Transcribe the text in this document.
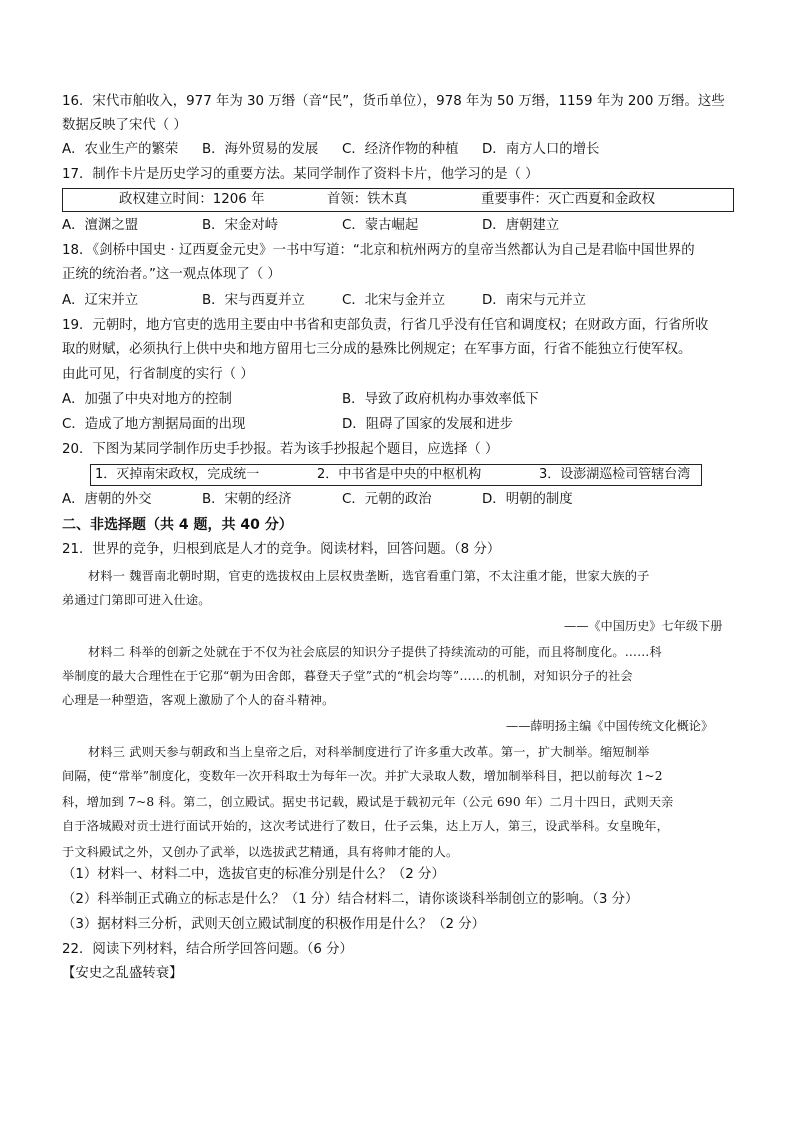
16．宋代市舶收入，977 年为 30 万缗（音“民”，货币单位），978 年为 50 万缗，1159 年为 200 万缗。这些
数据反映了宋代（ ）
A．农业生产的繁荣 B．海外贸易的发展 C．经济作物的种植 D．南方人口的增长
17．制作卡片是历史学习的重要方法。某同学制作了资料卡片，他学习的是（ ）
政权建立时间：1206 年	首领：铁木真	重要事件：灭亡西夏和金政权
A．澶渊之盟	B．宋金对峙	C．蒙古崛起	D．唐朝建立
18．《剑桥中国史 · 辽西夏金元史》一书中写道：“北京和杭州两方的皇帝当然都认为自己是君临中国世界的
正统的统治者。”这一观点体现了（ ）
A．辽宋并立	B．宋与西夏并立	C．北宋与金并立	D．南宋与元并立
19．元朝时，地方官吏的选用主要由中书省和吏部负责，行省几乎没有任官和调度权；在财政方面，行省所收
取的财赋，必须执行上供中央和地方留用七三分成的悬殊比例规定；在军事方面，行省不能独立行使军权。
由此可见，行省制度的实行（ ）
A．加强了中央对地方的控制	B．导致了政府机构办事效率低下
C．造成了地方割据局面的出现	D．阻碍了国家的发展和进步
20．下图为某同学制作历史手抄报。若为该手抄报起个题目，应选择（ ）
1．灭掉南宋政权，完成统一	2．中书省是中央的中枢机构	3．设澎湖巡检司管辖台湾
A．唐朝的外交	B．宋朝的经济	C．元朝的政治	D．明朝的制度
二、非选择题（共 4 题，共 40 分）
21．世界的竞争，归根到底是人才的竞争。阅读材料，回答问题。（8 分）
材料一 魏晋南北朝时期，官吏的选拔权由上层权贵垄断，选官看重门第，不太注重才能，世家大族的子
弟通过门第即可进入仕途。
——《中国历史》七年级下册
材料二 科举的创新之处就在于不仅为社会底层的知识分子提供了持续流动的可能，而且将制度化。……科
举制度的最大合理性在于它那“朝为田舍郎，暮登天子堂”式的“机会均等”……的机制，对知识分子的社会
心理是一种塑造，客观上激励了个人的奋斗精神。
——薛明扬主编《中国传统文化概论》
材料三 武则天参与朝政和当上皇帝之后，对科举制度进行了许多重大改革。第一，扩大制举。缩短制举
间隔，使“常举”制度化，变数年一次开科取士为每年一次。并扩大录取人数，增加制举科目，把以前每次 1~2
科，增加到 7~8 科。第二，创立殿试。据史书记载，殿试是于载初元年（公元 690 年）二月十四日，武则天亲
自于洛城殿对贡士进行面试开始的，这次考试进行了数日，仕子云集，达上万人，第三，设武举科。女皇晚年，
于文科殿试之外，又创办了武举，以选拔武艺精通，具有将帅才能的人。
（1）材料一、材料二中，选拔官吏的标准分别是什么？（2 分）
（2）科举制正式确立的标志是什么？（1 分）结合材料二，请你谈谈科举制创立的影响。（3 分）
（3）据材料三分析，武则天创立殿试制度的积极作用是什么？（2 分）
22．阅读下列材料，结合所学回答问题。（6 分）
【安史之乱盛转衰】
